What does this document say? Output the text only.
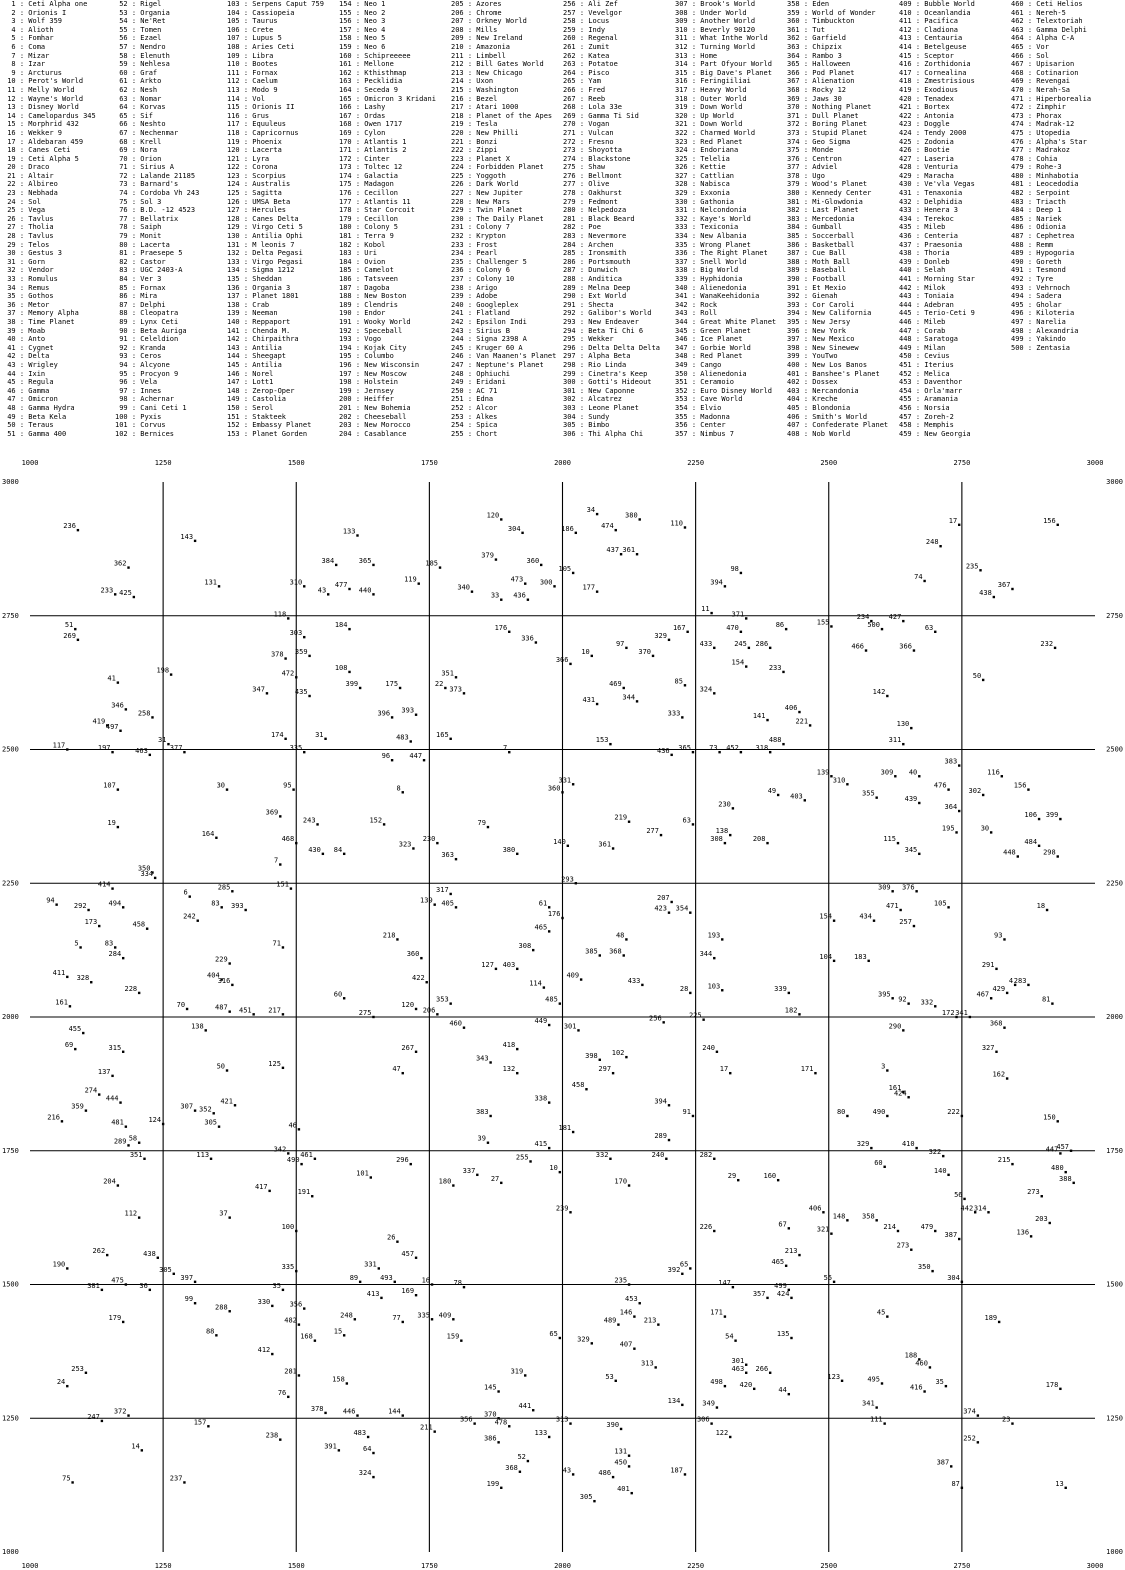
1 : Ceti Alpha one
2 : Orionis I
3 : Wolf 359
4 : Alioth
5 : Fomhar
6 : Coma
7 : Mizar
8 : Izar
9 : Arcturus
10 : Perot's World
11 : Melly World
12 : Wayne's World
13 : Disney World
14 : Camelopardus 345
15 : Morphrid 432
16 : Wekker 9
17 : Aldebaran 459
18 : Canes Ceti
19 : Ceti Alpha 5
20 : Draco
21 : Altair
22 : Albireo
23 : Nebhada
24 : Sol
25 : Vega
26 : Tavlus
27 : Tholia
28 : Tavlus
29 : Telos
30 : Gestus 3
31 : Gorn
32 : Vendor
33 : Romulus
34 : Remus
35 : Gothos
36 : Metor
37 : Memory Alpha
38 : Time Planet
39 : Moab
40 : Anto
41 : Cygnet
42 : Delta
43 : Wrigley
44 : Ixin
45 : Regula
46 : Gamma
47 : Omicron
48 : Gamma Hydra
49 : Beta Kela
50 : Teraus
51 : Gamma 400
52 : Rigel
53 : Organia
54 : Ne'Ret
55 : Tomen
56 : Ezael
57 : Nendro
58 : Elenuth
59 : Nehlesa
60 : Graf
61 : Arkto
62 : Nesh
63 : Nomar
64 : Korvas
65 : Sif
66 : Neshto
67 : Nechenmar
68 : Krell
69 : Nora
70 : Orion
71 : Sirius A
72 : Lalande 21185
73 : Barnard's
74 : Cordoba Vh 243
75 : Sol 3
76 : B.D. -12 4523
77 : Bellatrix
78 : Saiph
79 : Monit
80 : Lacerta
81 : Praesepe 5
82 : Castor
83 : UGC 2403-A
84 : Ver 3
85 : Fornax
86 : Mira
87 : Delphi
88 : Cleopatra
89 : Lynx Ceti
90 : Beta Auriga
91 : Celeldion
92 : Kranda
93 : Ceros
94 : Alcyone
95 : Procyon 9
96 : Vela
97 : Innes
98 : Achernar
99 : Cani Ceti 1
100 : Pyxis
101 : Corvus
102 : Bernices
103 : Serpens Caput 759
104 : Cassiopeia
105 : Taurus
106 : Crete
107 : Lupus 5
108 : Aries Ceti
109 : Libra
110 : Bootes
111 : Fornax
112 : Caelum
113 : Modo 9
114 : Vol
115 : Orionis II
116 : Grus
117 : Equuleus
118 : Capricornus
119 : Phoenix
120 : Lacerta
121 : Lyra
122 : Corona
123 : Scorpius
124 : Australis
125 : Sagitta
126 : UMSA Beta
127 : Hercules
128 : Canes Delta
129 : Virgo Ceti 5
130 : Antilia Ophi
131 : M leonis 7
132 : Delta Pegasi
133 : Virgo Pegasi
134 : Sigma 1212
135 : Sheddan
136 : Organia 3
137 : Planet 1801
138 : Crab
139 : Neeman
140 : Reppaport
141 : Chenda M.
142 : Chirpaithra
143 : Antilia
144 : Sheegapt
145 : Antilia
146 : Norel
147 : Lott1
148 : Zerop-Oper
149 : Castolia
150 : Serol
151 : Stakteek
152 : Embassy Planet
153 : Planet Gorden
154 : Neo 1
155 : Neo 2
156 : Neo 3
157 : Neo 4
158 : Neo 5
159 : Neo 6
160 : Schipreeeee
161 : Mellone
162 : Kthisthmap
163 : Pecklidia
164 : Seceda 9
165 : Omicron 3 Kridani
166 : Lashy
167 : Ordas
168 : Owen 1717
169 : Cylon
170 : Atlantis 1
171 : Atlantis 2
172 : Cinter
173 : Toltec 12
174 : Galactia
175 : Madagon
176 : Cecillon
177 : Atlantis 11
178 : Star Corcoit
179 : Cecillon
180 : Colony 5
181 : Terra 9
182 : Kobol
183 : Uri
184 : Ovion
185 : Camelot
186 : Tatsveen
187 : Dagoba
188 : New Boston
189 : Clendris
190 : Endor
191 : Wooky World
192 : Speceball
193 : Vogo
194 : Kojak City
195 : Columbo
196 : New Wisconsin
197 : New Moscow
198 : Holstein
199 : Jernsey
200 : Heiffer
201 : New Bohemia
202 : Cheeseball
203 : New Morocco
204 : Casablance
205 : Azores
206 : Chrome
207 : Orkney World
208 : Mills
209 : New Ireland
210 : Amazonia
211 : Limbell
212 : Bill Gates World
213 : New Chicago
214 : Uxon
215 : Washington
216 : Bezel
217 : Atari 1000
218 : Planet of the Apes
219 : Tesla
220 : New Philli
221 : Bonzi
222 : Zippi
223 : Planet X
224 : Forbidden Planet
225 : Yoggoth
226 : Dark World
227 : New Jupiter
228 : New Mars
229 : Twin Planet
230 : The Daily Planet
231 : Colony 7
232 : Krypton
233 : Frost
234 : Pearl
235 : Challenger 5
236 : Colony 6
237 : Colony 10
238 : Arigo
239 : Adobe
240 : Googleplex
241 : Flatland
242 : Epsilon Indi
243 : Sirius B
244 : Signa 2398 A
245 : Kruger 60 A
246 : Van Maanen's Planet
247 : Neptune's Planet
248 : Ophiuchi
249 : Eridani
250 : AC 71
251 : Edna
252 : Alcor
253 : Alkes
254 : Spica
255 : Chort
256 : Ali Zef
257 : Vevelgor
258 : Locus
259 : Indy
260 : Regenal
261 : Zumit
262 : Katea
263 : Potatoe
264 : Pisco
265 : Yam
266 : Fred
267 : Reeb
268 : Lola 33e
269 : Gamma Ti Sid
270 : Vogan
271 : Vulcan
272 : Fresno
273 : Shoyotta
274 : Blackstone
275 : Shaw
276 : Bellmont
277 : Olive
278 : Oakhurst
279 : Fedmont
280 : Nelpedoza
281 : Black Beard
282 : Poe
283 : Nevermore
284 : Archen
285 : Ironsmith
286 : Portsmouth
287 : Dunwich
288 : Anditica
289 : Melna Deep
290 : Ext World
291 : Shecta
292 : Galibor's World
293 : New Endeaver
294 : Beta Ti Chi 6
295 : Wekker
296 : Delta Delta Delta
297 : Alpha Beta
298 : Rio Linda
299 : Cinetra's Keep
300 : Gotti's Hideout
301 : New Caponne
302 : Alcatrez
303 : Leone Planet
304 : Sundy
305 : Bimbo
306 : Thi Alpha Chi
307 : Brook's World
308 : Under World
309 : Another World
310 : Beverly 90120
311 : What Inthe World
312 : Turning World
313 : Home
314 : Part Ofyour World
315 : Big Dave's Planet
316 : Feringiiliai
317 : Heavy World
318 : Outer World
319 : Down World
320 : Up World
321 : Down World
322 : Charmed World
323 : Red Planet
324 : Endoriana
325 : Telelia
326 : Kettie
327 : Cattlian
328 : Nabisca
329 : Exxonia
330 : Gathonia
331 : Nelcondonia
332 : Kaye's World
333 : Texiconia
334 : New Albania
335 : Wrong Planet
336 : The Right Planet
337 : Snell World
338 : Big World
339 : Hyphidonia
340 : Alienedonia
341 : WanaKeehidonia
342 : Rock
343 : Roll
344 : Great White Planet
345 : Green Planet
346 : Ice Planet
347 : Gorbie World
348 : Red Planet
349 : Cango
350 : Alienedonia
351 : Ceramoio
352 : Euro Disney World
353 : Cave World
354 : Elvio
355 : Madonna
356 : Center
357 : Nimbus 7
358 : Eden
359 : World of Wonder
360 : Timbuckton
361 : Tut
362 : Garfield
363 : Chipzix
364 : Rambo 3
365 : Halloween
366 : Pod Planet
367 : Alienation
368 : Rocky 12
369 : Jaws 30
370 : Nothing Planet
371 : Dull Planet
372 : Boring Planet
373 : Stupid Planet
374 : Geo Sigma
375 : Monde
376 : Centron
377 : Adviel
378 : Ugo
379 : Wood's Planet
380 : Kennedy Center
381 : Mi-Glowdonia
382 : Last Planet
383 : Mercedonia
384 : Gumball
385 : Soccerball
386 : Basketball
387 : Cue Ball
388 : Moth Ball
389 : Baseball
390 : Football
391 : Et Mexio
392 : Gienah
393 : Cor Caroli
394 : New California
395 : New Jersy
396 : New York
397 : New Mexico
398 : New Sinewew
399 : YouTwo
400 : New Los Banos
401 : Banshee's Planet
402 : Dossex
403 : Nercandonia
404 : Kreche
405 : Blondonia
406 : Smith's World
407 : Confederate Planet
408 : Nob World
409 : Bubble World
410 : Oceanlandia
411 : Pacifica
412 : Cladiona
413 : Centauria
414 : Betelgeuse
415 : Sceptor
416 : Zorthidonia
417 : Cornealina
418 : Zmestrisious
419 : Exodious
420 : Tenadex
421 : Bortex
422 : Antonia
423 : Doggle
424 : Tendy 2000
425 : Zodonia
426 : Bootie
427 : Laseria
428 : Venturia
429 : Maracha
430 : Ve'vla Vegas
431 : Tenaxonia
432 : Delphidia
433 : Henera 3
434 : Terekoc
435 : Mileb
436 : Centeria
437 : Praesonia
438 : Thoria
439 : Donleb
440 : Selah
441 : Morning Star
442 : Milok
443 : Toniaia
444 : Adebran
445 : Terio-Ceti 9
446 : Mileb
447 : Corab
448 : Saratoga
449 : Milan
450 : Cevius
451 : Iterius
452 : Melica
453 : Daventhor
454 : Orla'marr
455 : Aramania
456 : Norsia
457 : Zoreh-2
458 : Memphis
459 : New Georgia
460 : Ceti Helios
461 : Nereh-5
462 : Telextoriah
463 : Gamma Delphi
464 : Alpha C-A
465 : Vor
466 : Sol
467 : Upisarion
468 : Cotinarion
469 : Revengai
470 : Nerah-Sa
471 : Hiperborealia
472 : Zimphir
473 : Phorax
474 : Madrak-12
475 : Utopedia
476 : Alpha's Star
477 : Madrakoz
478 : Cohia
479 : Rohe-3
480 : Minhabotia
481 : Leocedodia
482 : Serpoint
483 : Triacth
484 : Deep 1
485 : Nariek
486 : Odionia
487 : Cephetrea
488 : Remm
489 : Hypogoria
490 : Goreth
491 : Tesmond
492 : Tyre
493 : Vehrnoch
494 : Sadera
495 : Gholar
496 : Kiloteria
497 : Narelia
498 : Alexandria
499 : Yakindo
500 : Zentasia
1000
1000
1250
1250
1500
1500
1750
1750
2000
2000
2250
2250
2500
2500
2750
2750
3000
3000
1000	1000
1250	1250
1500	1500
1750	1750
2000	2000
2250	2250
2500	2500
2750	2750
3000	3000
236
143
133
120
304	186
34
474
380
110	17	156
248
437 361
384	365
379
360
185
362
105	98	235
74
233 425
131	310	477
43	440
119	473 300
340
33 436
177
394	367
438
11
118	371	234	427
155	500	63
51	184	176	167	470	86
269	303
336	329
97	433	245 286	466	366	232
378 359	10	370
366	154
108
198	472
41
351
233
50
22
373
85
469
399	175
347	435	324
344
142
431
346
258	396 393	333
406
141
221
419
497	130
174	31	165
483	153	488	311
31
117	197	377
463	335	7	436 365	73 452 318
96	447
383
116
139
310
309 40
156
476
107	30	95	8
331
360	49
403
302
355
439
364
230
369
152
243	79
219	63
106 399
19
138
277
164
468
430 84
230
323
380
140	361
308	208	115
195	30
484
345
7
363	448	298
350
334
414	151
285
6
293
317	309 376
207
61
139 405
94
292	494	83 393	423 354
105
471	18
242	176	154	434
257
173	458	465
48	193
218	93
5	83	71	308
385 368
360	344
229
284	104	183
127 403	291
411
328	404
316	422	433
409
114	4 283
429
228	28	103	339
60
353
395
92 332
467
485	81
161	70	487 451 217
120
182	172
275	206	341
225
256
449	368
460	301
138	290
418	240
69
455
315	267
102
398
327
343
50	125
47	132	297	17	171	3
137	162
274
444
458	161
424
421	338	394
307 352
359
91	80	490	222
383
216	150
124	305
481	46	181
289
39
415
58
289	329	410
342	447
457
351	113	461
490	296	255	332	240	282	322
215
60
337	10	480
140
388
101
27	29	160
180
204	170
417
191	273
56
406	442 314
148 358
112	37
239
203
226	67	214	479
321
100
387	136
26
273
213
262	438	457
465
190	331
335	350
305	392
65
475
36
397	89	493	16	78	235	147	499
55	304
381	35
357 424
169
413
453
99	330	356
146
288
171	45
189
179	248	77 335 409
482	489	213
15
88
168	159	135
65
329
407
54
412
188
313	301	460
253	281	319	463 266
123	495	35
158	53
498 420	416
24	178
76
145	44
134	349	341
378	446	144
441
370	374
372
247	356	313	111	23
157	478	390
306
211
483	133	122
238	386	252
14	391	64	131
52
450
368
387
43	486	187
324
237
75
199	13
87
401
305
